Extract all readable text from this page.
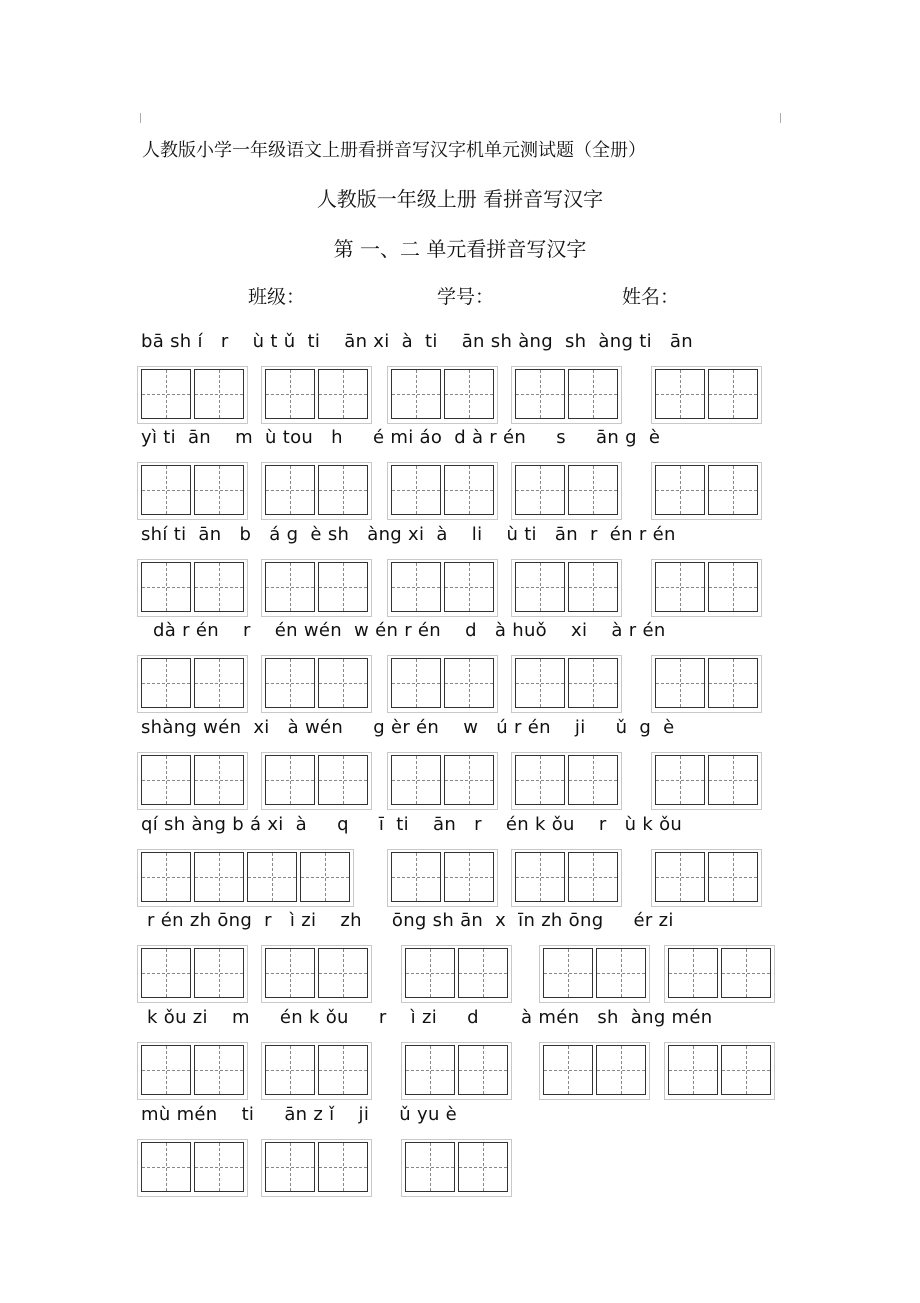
人教版小学一年级语文上册看拼音写汉字机单元测试题（全册）
人教版一年级上册 看拼音写汉字
第 一、二 单元看拼音写汉字
班级：	学号：	姓名：
bā sh í   r    ù t ǔ  ti    ān xi  à  ti    ān sh àng  sh  àng ti   ān
yì ti  ān    m  ù tou   h     é mi áo  d à r én     s     ān g  è
shí ti  ān   b   á g  è sh   àng xi  à    li    ù ti   ān  r  én r én
dà r én    r    én wén  w én r én    d   à huǒ    xi    à r én
shàng wén  xi   à wén     g èr én    w   ú r én    ji     ǔ  g  è
qí sh àng b á xi  à     q     ī  ti    ān   r    én k ǒu    r   ù k ǒu
r én zh ōng  r   ì zi    zh     ōng sh ān  x  īn zh ōng     ér zi
k ǒu zi    m     én k ǒu     r    ì zi     d       à mén   sh  àng mén
mù mén    ti     ān z ǐ    ji     ǔ yu è
